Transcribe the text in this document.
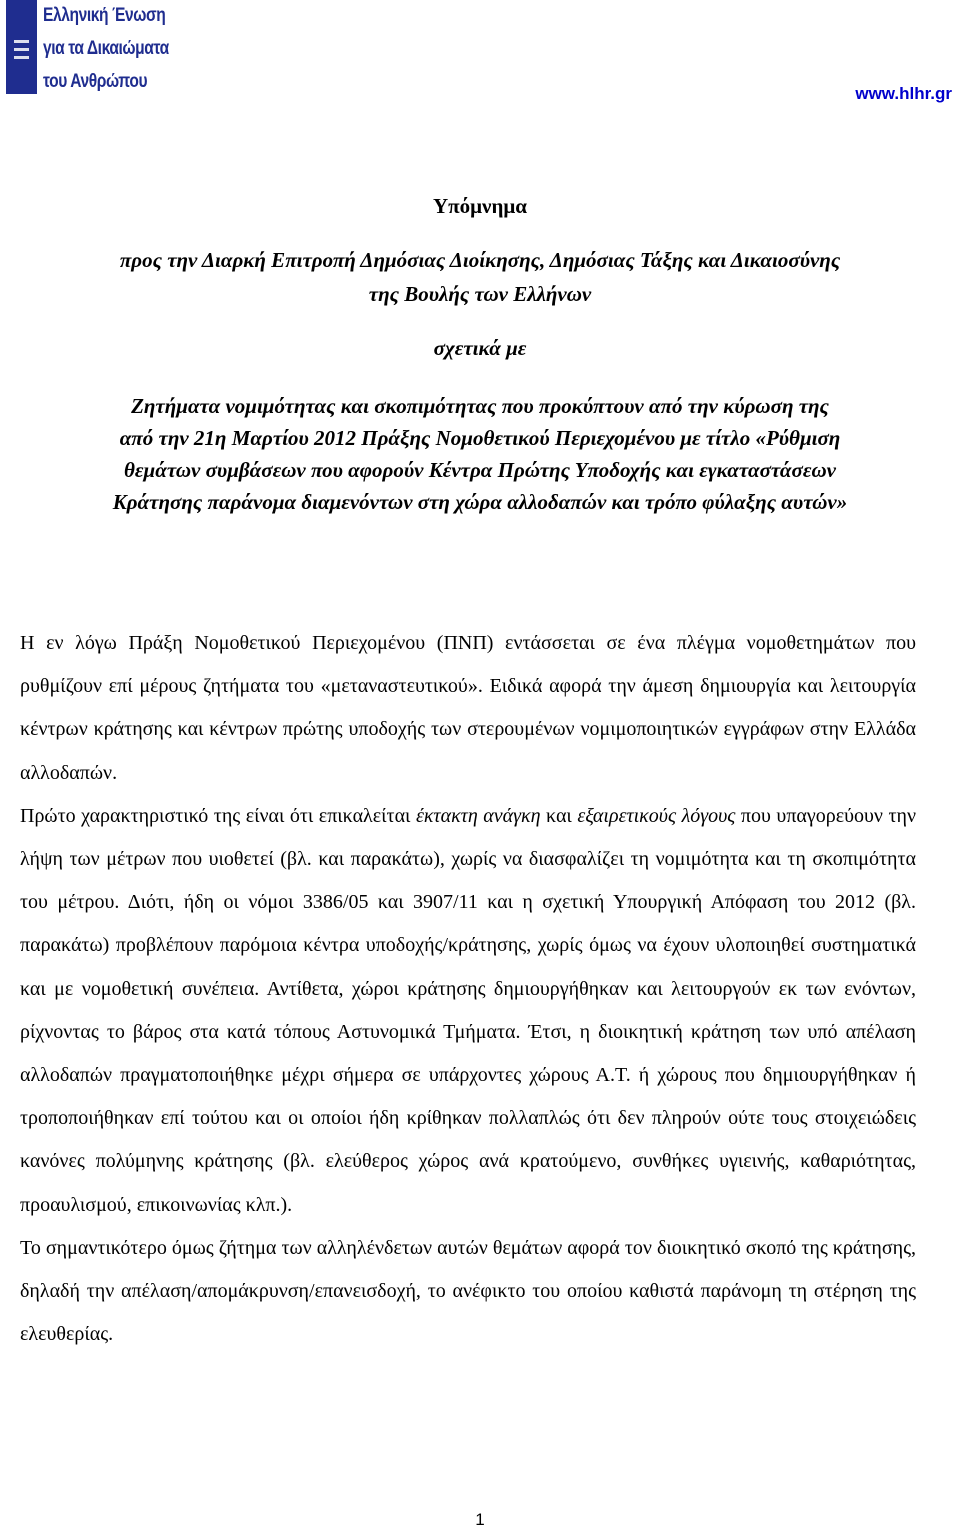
Ελληνική Ένωση
για τα Δικαιώματα
του Ανθρώπου
www.hlhr.gr
Υπόμνημα
προς την Διαρκή Επιτροπή Δημόσιας Διοίκησης, Δημόσιας Τάξης και Δικαιοσύνης
της Βουλής των Ελλήνων
σχετικά με
Ζητήματα νομιμότητας και σκοπιμότητας που προκύπτουν από την κύρωση της
από την 21η Μαρτίου 2012 Πράξης Νομοθετικού Περιεχομένου με τίτλο «Ρύθμιση
θεμάτων συμβάσεων που αφορούν Κέντρα Πρώτης Υποδοχής και εγκαταστάσεων
Κράτησης παράνομα διαμενόντων στη χώρα αλλοδαπών και τρόπο φύλαξης αυτών»

Η εν λόγω Πράξη Νομοθετικού Περιεχομένου (ΠΝΠ) εντάσσεται σε ένα πλέγμα νομοθετημάτων που ρυθμίζουν επί μέρους ζητήματα του «μεταναστευτικού». Ειδικά αφορά την άμεση δημιουργία και λειτουργία κέντρων κράτησης και κέντρων πρώτης υποδοχής των στερουμένων νομιμοποιητικών εγγράφων στην Ελλάδα αλλοδαπών.

Πρώτο χαρακτηριστικό της είναι ότι επικαλείται έκτακτη ανάγκη και εξαιρετικούς λόγους που υπαγορεύουν την λήψη των μέτρων που υιοθετεί (βλ. και παρακάτω), χωρίς να διασφαλίζει τη νομιμότητα και τη σκοπιμότητα του μέτρου. Διότι, ήδη οι νόμοι 3386/05 και 3907/11 και η σχετική Υπουργική Απόφαση του 2012 (βλ. παρακάτω) προβλέπουν παρόμοια κέντρα υποδοχής/κράτησης, χωρίς όμως να έχουν υλοποιηθεί συστηματικά και με νομοθετική συνέπεια. Αντίθετα, χώροι κράτησης δημιουργήθηκαν και λειτουργούν εκ των ενόντων, ρίχνοντας το βάρος στα κατά τόπους Αστυνομικά Τμήματα. Έτσι, η διοικητική κράτηση των υπό απέλαση αλλοδαπών πραγματοποιήθηκε μέχρι σήμερα σε υπάρχοντες χώρους Α.Τ. ή χώρους που δημιουργήθηκαν ή τροποποιήθηκαν επί τούτου και οι οποίοι ήδη κρίθηκαν πολλαπλώς ότι δεν πληρούν ούτε τους στοιχειώδεις κανόνες πολύμηνης κράτησης (βλ. ελεύθερος χώρος ανά κρατούμενο, συνθήκες υγιεινής, καθαριότητας, προαυλισμού, επικοινωνίας κλπ.).

Το σημαντικότερο όμως ζήτημα των αλληλένδετων αυτών θεμάτων αφορά τον διοικητικό σκοπό της κράτησης, δηλαδή την απέλαση/απομάκρυνση/επανεισδοχή, το ανέφικτο του οποίου καθιστά παράνομη τη στέρηση της ελευθερίας.

1
